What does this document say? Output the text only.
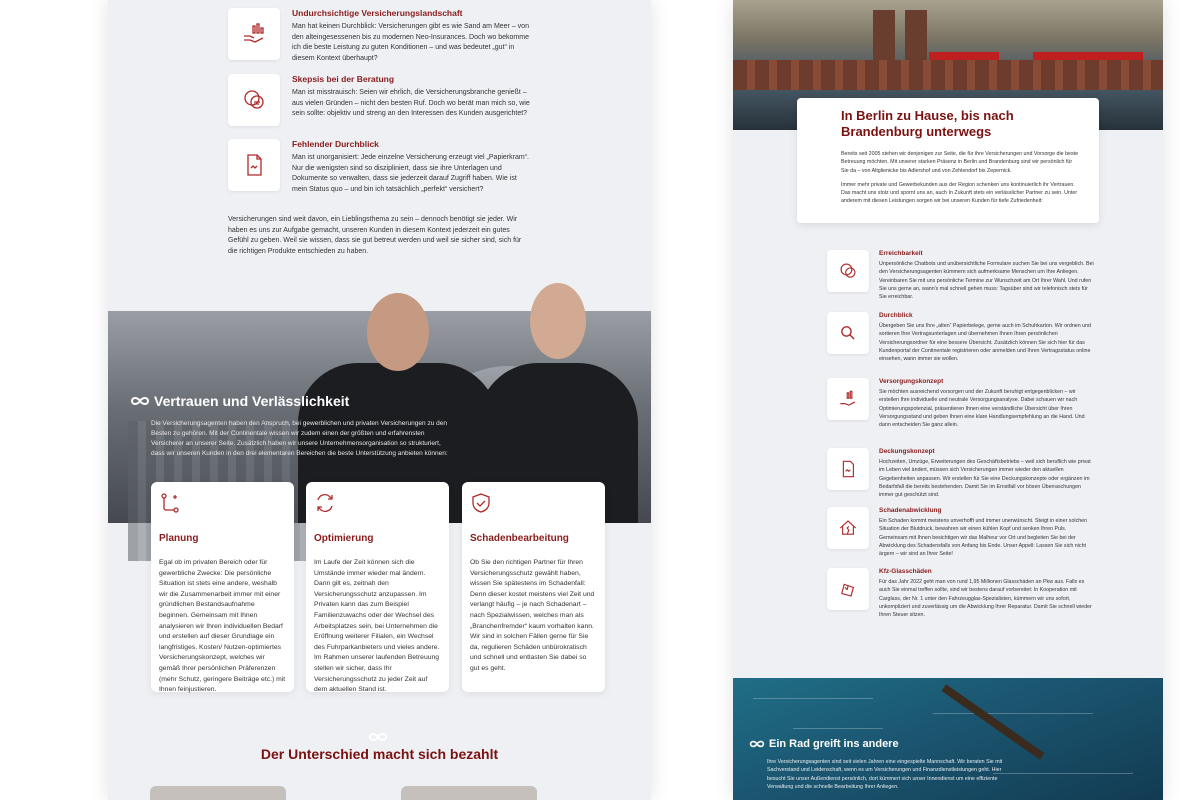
Undurchsichtige Versicherungslandschaft
Man hat keinen Durchblick: Versicherungen gibt es wie Sand am Meer – von den alteingesessenen bis zu modernen Neo-Insurances. Doch wo bekomme ich die beste Leistung zu guten Konditionen – und was bedeutet „gut“ in diesem Kontext überhaupt?
Skepsis bei der Beratung
Man ist misstrauisch: Seien wir ehrlich, die Versicherungsbranche genießt – aus vielen Gründen – nicht den besten Ruf. Doch wo berät man mich so, wie sein sollte: objektiv und streng an den Interessen des Kunden ausgerichtet?
Fehlender Durchblick
Man ist unorganisiert: Jede einzelne Versicherung erzeugt viel „Papierkram“. Nur die wenigsten sind so diszipliniert, dass sie ihre Unterlagen und Dokumente so verwalten, dass sie jederzeit darauf Zugriff haben. Wie ist mein Status quo – und bin ich tatsächlich „perfekt“ versichert?
Versicherungen sind weit davon, ein Lieblingsthema zu sein – dennoch benötigt sie jeder. Wir haben es uns zur Aufgabe gemacht, unseren Kunden in diesem Kontext jederzeit ein gutes Gefühl zu geben. Weil sie wissen, dass sie gut betreut werden und weil sie sicher sind, sich für die richtigen Produkte entschieden zu haben.
Vertrauen und Verlässlichkeit
Die Versicherungsagenten haben den Anspruch, bei gewerblichen und privaten Versicherungen zu den Besten zu gehören. Mit der Continentale wissen wir zudem einen der größten und erfahrensten Versicherer an unserer Seite. Zusätzlich haben wir unsere Unternehmensorganisation so strukturiert, dass wir unseren Kunden in den drei elementaren Bereichen die beste Unterstützung anbieten können:
Planung
Egal ob im privaten Bereich oder für gewerbliche Zwecke: Die persönliche Situation ist stets eine andere, weshalb wir die Zusammenarbeit immer mit einer gründlichen Bestandsaufnahme beginnen. Gemeinsam mit Ihnen analysieren wir Ihren individuellen Bedarf und erstellen auf dieser Grundlage ein langfristiges, Kosten/ Nutzen-optimiertes Versicherungskonzept, welches wir gemäß Ihrer persönlichen Präferenzen (mehr Schutz, geringere Beiträge etc.) mit Ihnen feinjustieren.
Optimierung
Im Laufe der Zeit können sich die Umstände immer wieder mal ändern. Dann gilt es, zeitnah den Versicherungsschutz anzupassen. Im Privaten kann das zum Beispiel Familienzuwachs oder der Wechsel des Arbeitsplatzes sein, bei Unternehmen die Eröffnung weiterer Filialen, ein Wechsel des Fuhrparkanbieters und vieles andere. Im Rahmen unserer laufenden Betreuung stellen wir sicher, dass Ihr Versicherungsschutz zu jeder Zeit auf dem aktuellen Stand ist.
Schadenbearbeitung
Ob Sie den richtigen Partner für Ihren Versicherungsschutz gewählt haben, wissen Sie spätestens im Schadenfall: Denn dieser kostet meistens viel Zeit und verlangt häufig – je nach Schadenart – nach Spezialwissen, welches man als „Branchenfremder“ kaum vorhalten kann. Wir sind in solchen Fällen gerne für Sie da, regulieren Schäden unbürokratisch und schnell und entlasten Sie dabei so gut es geht.
Der Unterschied macht sich bezahlt
In Berlin zu Hause, bis nach Brandenburg unterwegs
Bereits seit 2005 stehen wir denjenigen zur Seite, die für ihre Versicherungen und Vorsorge die beste Betreuung möchten. Mit unserer starken Präsenz in Berlin und Brandenburg sind wir persönlich für Sie da – von Altglienicke bis Adlershof und von Zehlendorf bis Zepernick.
Immer mehr private und Gewerbekunden aus der Region schenken uns kontinuierlich ihr Vertrauen. Das macht uns stolz und spornt uns an, auch In Zukunft stets ein verlässlicher Partner zu sein. Unter anderem mit diesen Leistungen sorgen wir bei unseren Kunden für tiefe Zufriedenheit:
Erreichbarkeit
Unpersönliche Chatbots und unübersichtliche Formulare suchen Sie bei uns vergeblich. Bei den Versicherungsagenten kümmern sich aufmerksame Menschen um Ihre Anliegen. Vereinbaren Sie mit uns persönliche Termine zur Wunschzeit am Ort Ihrer Wahl. Und rufen Sie uns gerne an, wann's mal schnell gehen muss: Tagsüber sind wir telefonisch stets für Sie erreichbar.
Durchblick
Übergeben Sie uns Ihre „alten“ Papierbelege, gerne auch im Schuhkarton. Wir ordnen und sortieren Ihre Vertragsunterlagen und übernehmen Ihnen Ihren persönlichen Versicherungsordner für eine bessere Übersicht. Zusätzlich können Sie sich hier für das Kundenportal der Continentale registrieren oder anmelden und Ihren Vertragsstatus online einsehen, wann immer sie wollen.
Versorgungskonzept
Sie möchten ausreichend vorsorgen und der Zukunft beruhigt entgegenblicken – wir erstellen Ihre individuelle und neutrale Versorgungsanalyse. Dabei schauen wir nach Optimierungspotenzial, präsentieren Ihnen eine verständliche Übersicht über Ihren Versorgungsstand und geben Ihnen eine klare Handlungsempfehlung an die Hand. Und dann entscheiden Sie ganz allein.
Deckungskonzept
Hochzeiten, Umzüge, Erweiterungen des Geschäftsbetriebs – weil sich beruflich wie privat im Leben viel ändert, müssen sich Versicherungen immer wieder den aktuellen Gegebenheiten anpassen. Wir erstellen für Sie eine Deckungskonzepte oder ergänzen im Bedarfsfall die bereits bestehenden. Damit Sie im Ernstfall vor bösen Überraschungen immer gut geschützt sind.
Schadenabwicklung
Ein Schaden kommt meistens unverhofft und immer unerwünscht. Steigt in einer solchen Situation der Blutdruck, bewahren wir einen kühlen Kopf und senken Ihren Puls. Gemeinsam mit Ihnen besichtigen wir das Malheur vor Ort und begleiten Sie bei der Abwicklung des Schadensfalls von Anfang bis Ende. Unser Appell: Lassen Sie sich nicht ärgern – wir sind an Ihrer Seite!
Kfz-Glasschäden
Für das Jahr 2022 geht man von rund 1,95 Millionen Glasschäden an Pkw aus. Falls es auch Sie einmal treffen sollte, sind wir bestens darauf vorbereitet: In Kooperation mit Carglass, der Nr. 1 unter den Fahrzeugglas-Spezialisten, kümmern wir uns sofort, unkompliziert und zuverlässig um die Abwicklung Ihrer Reparatur. Damit Sie schnell wieder Ihren Steuer sitzen.
Ein Rad greift ins andere
Ihre Versicherungsagenten sind seit vielen Jahren eine eingespielte Mannschaft. Wir beraten Sie mit Sachverstand und Leidenschaft, wenn es um Versicherungen und Finanzdienstleistungen geht. Hier besucht Sie unser Außendienst persönlich, dort kümmert sich unser Innendienst um eine effiziente Verwaltung und die schnelle Bearbeitung Ihrer Anliegen.
